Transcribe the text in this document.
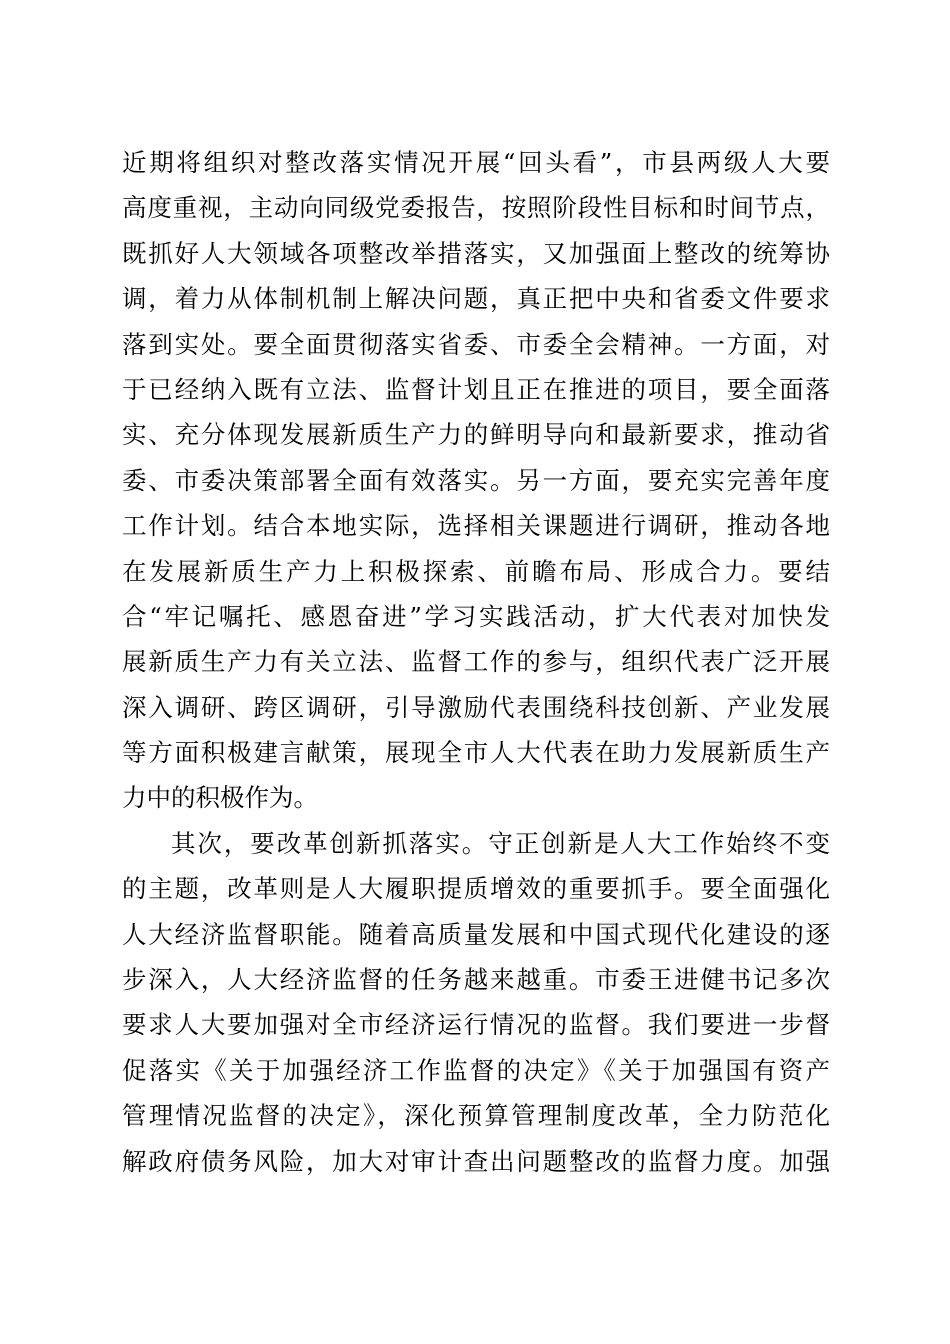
近期将组织对整改落实情况开展“回头看”，市县两级人大要
高度重视，主动向同级党委报告，按照阶段性目标和时间节点，
既抓好人大领域各项整改举措落实，又加强面上整改的统筹协
调，着力从体制机制上解决问题，真正把中央和省委文件要求
落到实处。要全面贯彻落实省委、市委全会精神。一方面，对
于已经纳入既有立法、监督计划且正在推进的项目，要全面落
实、充分体现发展新质生产力的鲜明导向和最新要求，推动省
委、市委决策部署全面有效落实。另一方面，要充实完善年度
工作计划。结合本地实际，选择相关课题进行调研，推动各地
在发展新质生产力上积极探索、前瞻布局、形成合力。要结
合“牢记嘱托、感恩奋进”学习实践活动，扩大代表对加快发
展新质生产力有关立法、监督工作的参与，组织代表广泛开展
深入调研、跨区调研，引导激励代表围绕科技创新、产业发展
等方面积极建言献策，展现全市人大代表在助力发展新质生产
力中的积极作为。
其次，要改革创新抓落实。守正创新是人大工作始终不变
的主题，改革则是人大履职提质增效的重要抓手。要全面强化
人大经济监督职能。随着高质量发展和中国式现代化建设的逐
步深入，人大经济监督的任务越来越重。市委王进健书记多次
要求人大要加强对全市经济运行情况的监督。我们要进一步督
促落实《关于加强经济工作监督的决定》《关于加强国有资产
管理情况监督的决定》，深化预算管理制度改革，全力防范化
解政府债务风险，加大对审计查出问题整改的监督力度。加强
